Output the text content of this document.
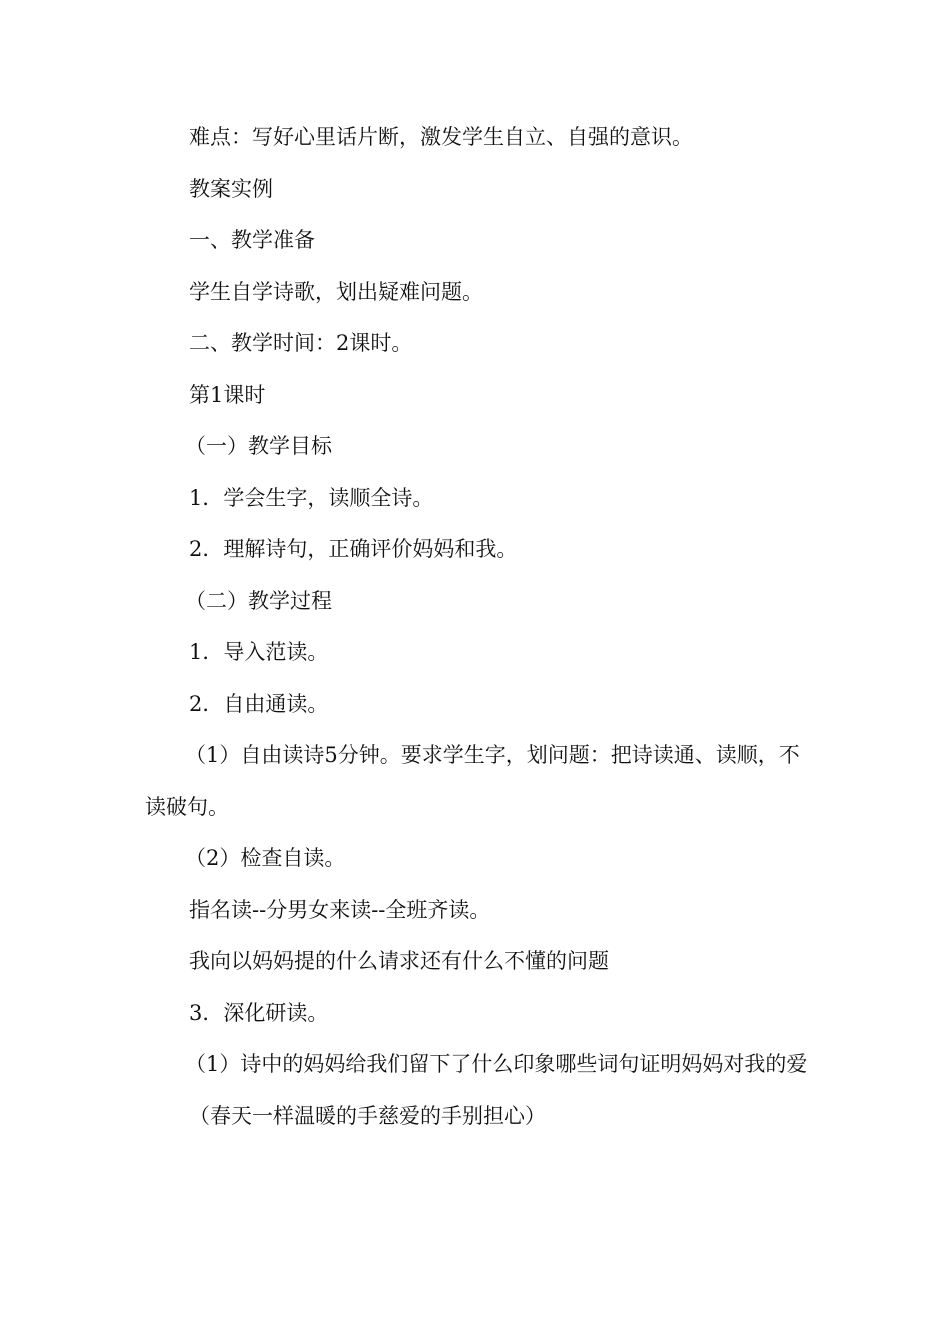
难点：写好心里话片断，激发学生自立、自强的意识。

教案实例

一、教学准备

学生自学诗歌，划出疑难问题。

二、教学时间：2课时。

第1课时

（一）教学目标

1．学会生字，读顺全诗。

2．理解诗句，正确评价妈妈和我。

（二）教学过程

1．导入范读。

2．自由通读。

（1）自由读诗5分钟。要求学生字，划问题：把诗读通、读顺，不读破句。

（2）检查自读。

指名读--分男女来读--全班齐读。

我向以妈妈提的什么请求还有什么不懂的问题

3．深化研读。

（1）诗中的妈妈给我们留下了什么印象哪些词句证明妈妈对我的爱

（春天一样温暖的手慈爱的手别担心）
